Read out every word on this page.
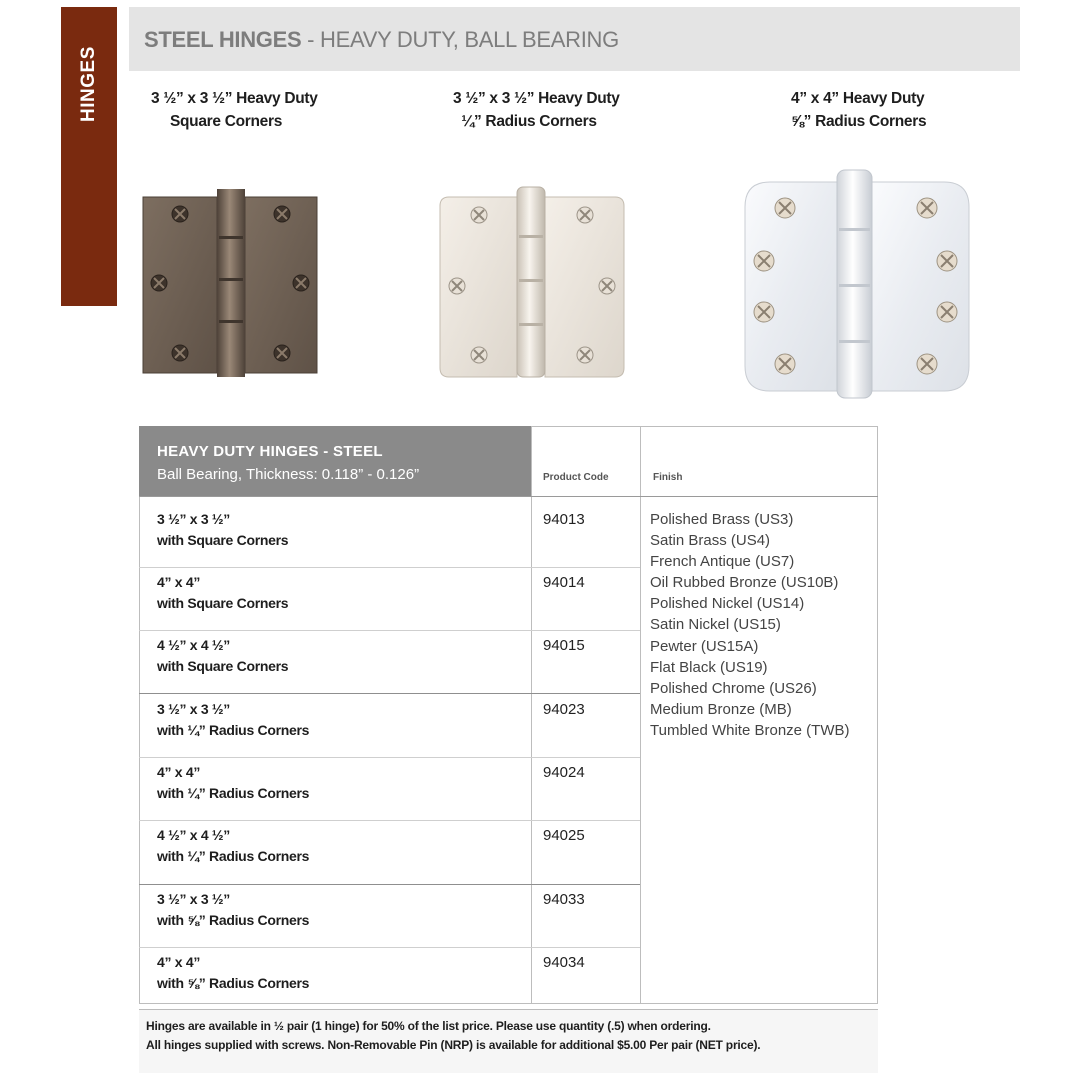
HINGES
STEEL HINGES - HEAVY DUTY, BALL BEARING
3 ½” x 3 ½” Heavy Duty
Square Corners
3 ½” x 3 ½” Heavy Duty
¼” Radius Corners
4” x 4” Heavy Duty
⅝” Radius Corners
HEAVY DUTY HINGES - STEEL
Ball Bearing, Thickness: 0.118” - 0.126”	Product Code	Finish
3 ½” x 3 ½”
with Square Corners
94013
4” x 4”
with Square Corners
94014
4 ½” x 4 ½”
with Square Corners
94015
3 ½” x 3 ½”
with ¼” Radius Corners
94023
4” x 4”
with ¼” Radius Corners
94024
4 ½” x 4 ½”
with ¼” Radius Corners
94025
3 ½” x 3 ½”
with ⅝” Radius Corners
94033
4” x 4”
with ⅝” Radius Corners
94034
Polished Brass (US3)
Satin Brass (US4)
French Antique (US7)
Oil Rubbed Bronze (US10B)
Polished Nickel (US14)
Satin Nickel (US15)
Pewter (US15A)
Flat Black (US19)
Polished Chrome (US26)
Medium Bronze (MB)
Tumbled White Bronze (TWB)
Hinges are available in ½ pair (1 hinge) for 50% of the list price. Please use quantity (.5) when ordering.
All hinges supplied with screws. Non-Removable Pin (NRP) is available for additional $5.00 Per pair (NET price).
